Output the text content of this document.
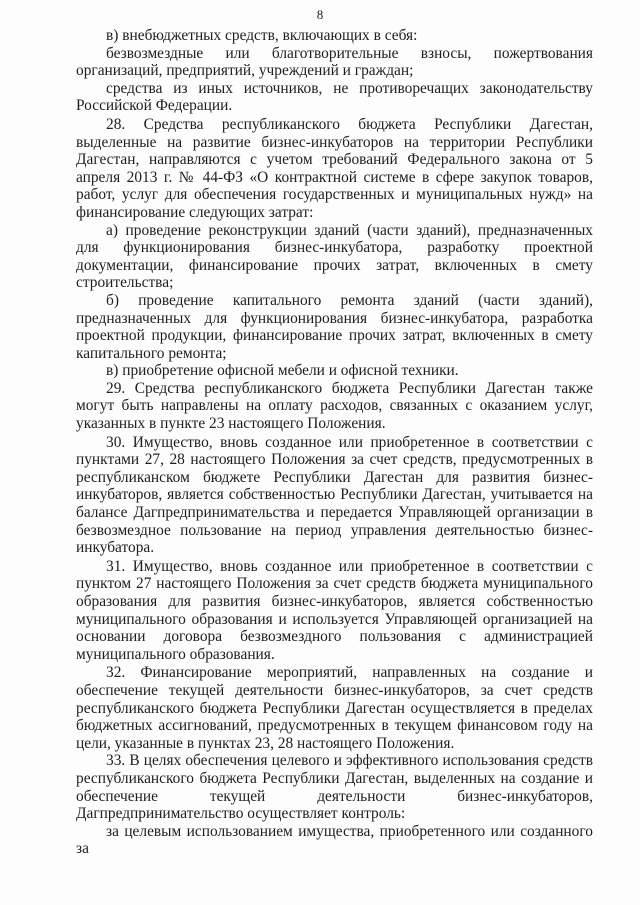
8

в) внебюджетных средств, включающих в себя:

безвозмездные или благотворительные взносы, пожертвования организаций, предприятий, учреждений и граждан;

средства из иных источников, не противоречащих законодательству Российской Федерации.

28. Средства республиканского бюджета Республики Дагестан, выделенные на развитие бизнес-инкубаторов на территории Республики Дагестан, направляются с учетом требований Федерального закона от 5 апреля 2013 г. № 44-ФЗ «О контрактной системе в сфере закупок товаров, работ, услуг для обеспечения государственных и муниципальных нужд» на финансирование следующих затрат:

а) проведение реконструкции зданий (части зданий), предназначенных для функционирования бизнес-инкубатора, разработку проектной документации, финансирование прочих затрат, включенных в смету строительства;

б) проведение капитального ремонта зданий (части зданий), предназначенных для функционирования бизнес-инкубатора, разработка проектной продукции, финансирование прочих затрат, включенных в смету капитального ремонта;

в) приобретение офисной мебели и офисной техники.

29. Средства республиканского бюджета Республики Дагестан также могут быть направлены на оплату расходов, связанных с оказанием услуг, указанных в пункте 23 настоящего Положения.

30. Имущество, вновь созданное или приобретенное в соответствии с пунктами 27, 28 настоящего Положения за счет средств, предусмотренных в республиканском бюджете Республики Дагестан для развития бизнес-инкубаторов, является собственностью Республики Дагестан, учитывается на балансе Дагпредпринимательства и передается Управляющей организации в безвозмездное пользование на период управления деятельностью бизнес-инкубатора.

31. Имущество, вновь созданное или приобретенное в соответствии с пунктом 27 настоящего Положения за счет средств бюджета муниципального образования для развития бизнес-инкубаторов, является собственностью муниципального образования и используется Управляющей организацией на основании договора безвозмездного пользования с администрацией муниципального образования.

32. Финансирование мероприятий, направленных на создание и обеспечение текущей деятельности бизнес-инкубаторов, за счет средств республиканского бюджета Республики Дагестан осуществляется в пределах бюджетных ассигнований, предусмотренных в текущем финансовом году на цели, указанные в пунктах 23, 28 настоящего Положения.

33. В целях обеспечения целевого и эффективного использования средств республиканского бюджета Республики Дагестан, выделенных на создание и обеспечение текущей деятельности бизнес-инкубаторов, Дагпредпринимательство осуществляет контроль:

за целевым использованием имущества, приобретенного или созданного за
